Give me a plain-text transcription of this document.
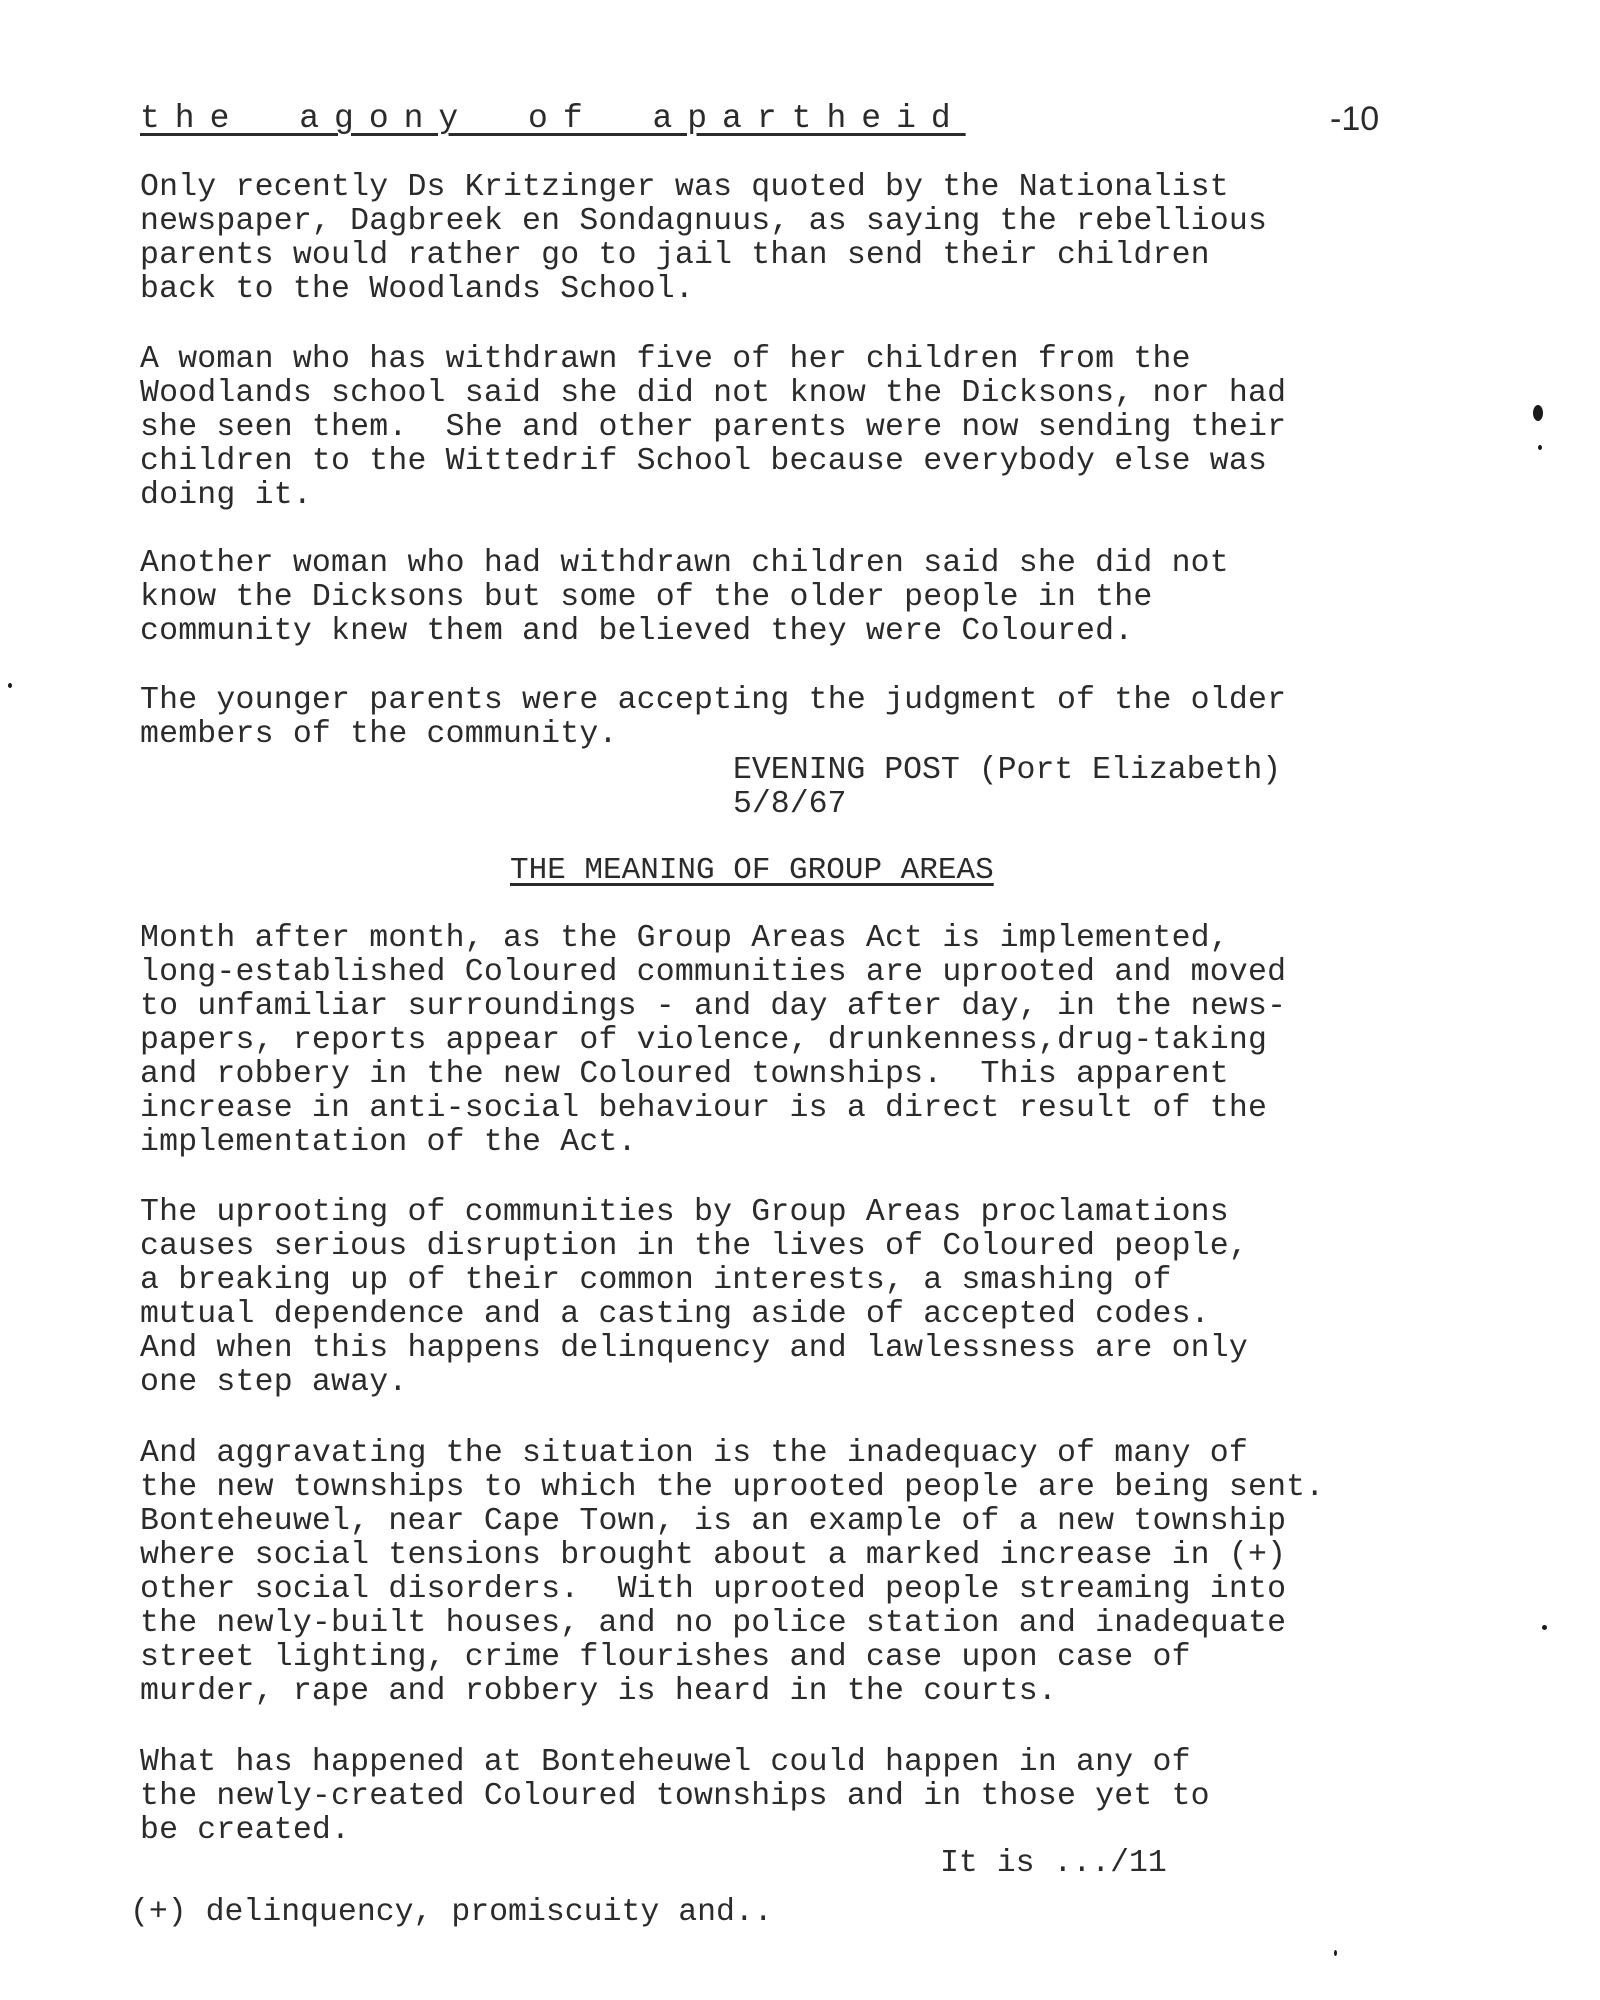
the agony of apartheid	-10

Only recently Ds Kritzinger was quoted by the Nationalist
newspaper, Dagbreek en Sondagnuus, as saying the rebellious
parents would rather go to jail than send their children
back to the Woodlands School.

A woman who has withdrawn five of her children from the
Woodlands school said she did not know the Dicksons, nor had
she seen them.  She and other parents were now sending their
children to the Wittedrif School because everybody else was
doing it.

Another woman who had withdrawn children said she did not
know the Dicksons but some of the older people in the
community knew them and believed they were Coloured.

The younger parents were accepting the judgment of the older
members of the community.

EVENING POST (Port Elizabeth)
5/8/67

THE MEANING OF GROUP AREAS

Month after month, as the Group Areas Act is implemented,
long-established Coloured communities are uprooted and moved
to unfamiliar surroundings - and day after day, in the news-
papers, reports appear of violence, drunkenness,drug-taking
and robbery in the new Coloured townships.  This apparent
increase in anti-social behaviour is a direct result of the
implementation of the Act.

The uprooting of communities by Group Areas proclamations
causes serious disruption in the lives of Coloured people,
a breaking up of their common interests, a smashing of
mutual dependence and a casting aside of accepted codes.
And when this happens delinquency and lawlessness are only
one step away.

And aggravating the situation is the inadequacy of many of
the new townships to which the uprooted people are being sent.
Bonteheuwel, near Cape Town, is an example of a new township
where social tensions brought about a marked increase in (+)
other social disorders.  With uprooted people streaming into
the newly-built houses, and no police station and inadequate
street lighting, crime flourishes and case upon case of
murder, rape and robbery is heard in the courts.

What has happened at Bonteheuwel could happen in any of
the newly-created Coloured townships and in those yet to
be created.

It is .../11

(+) delinquency, promiscuity and..
